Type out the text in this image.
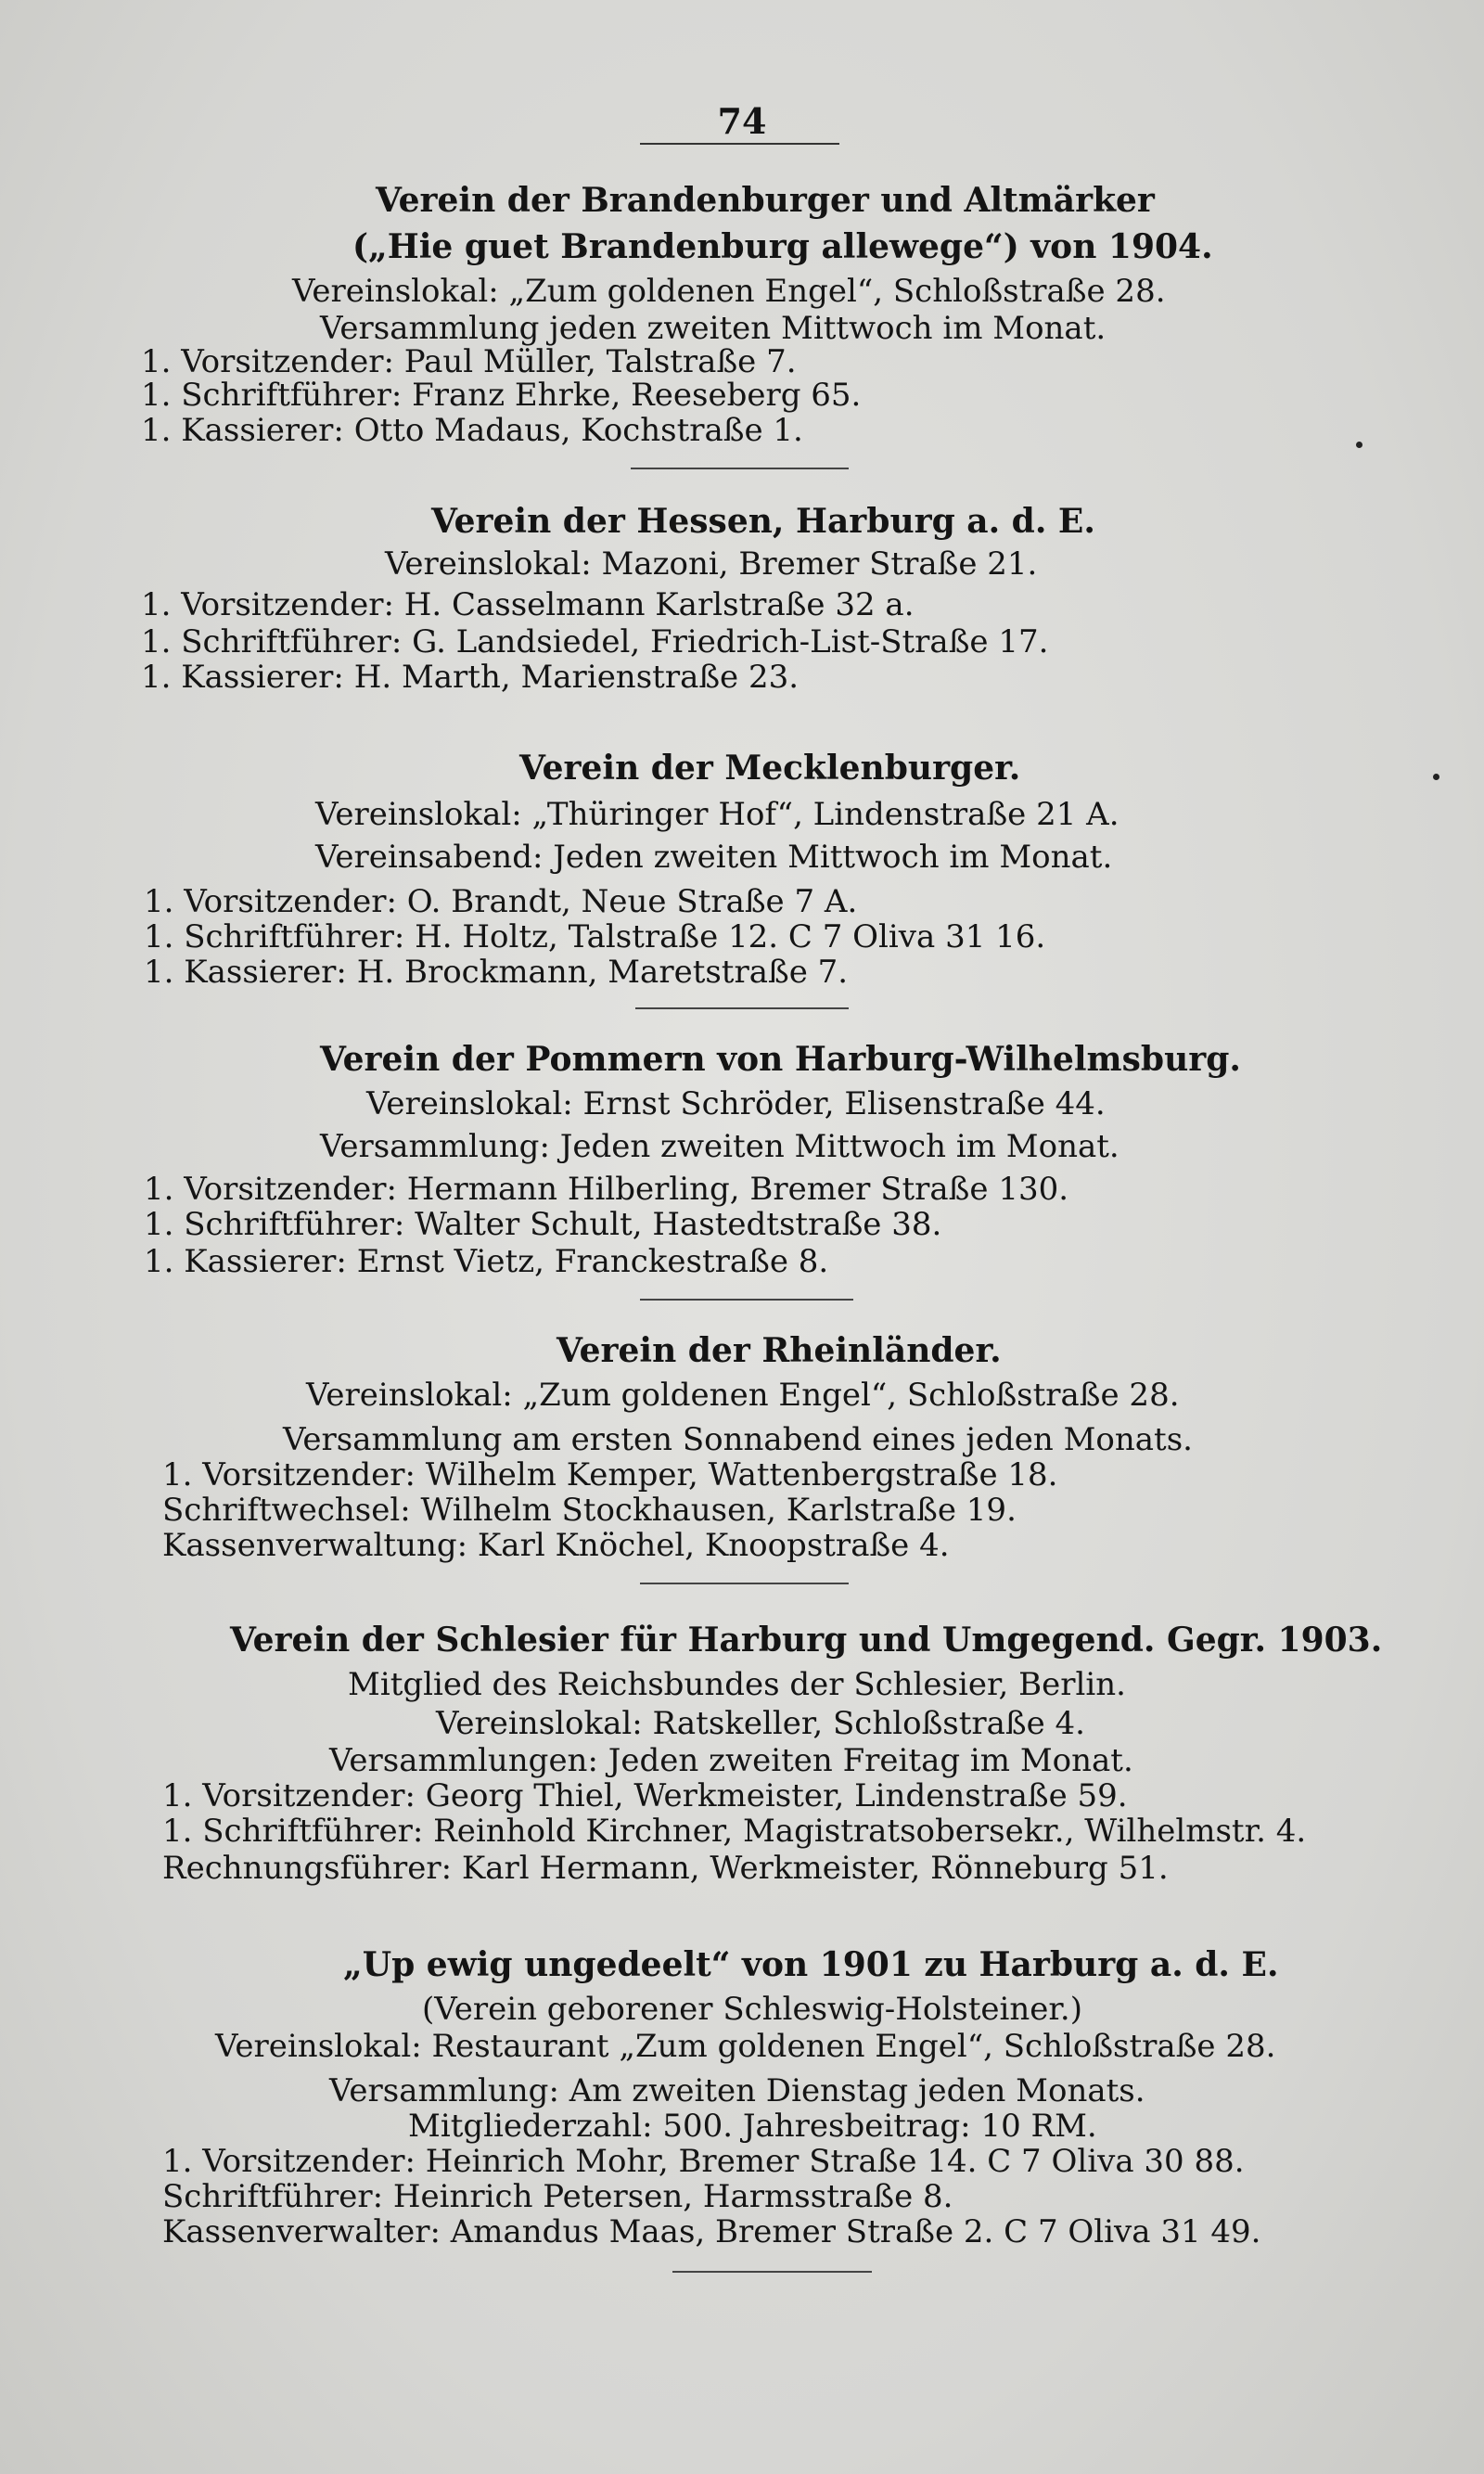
74
Verein der Brandenburger und Altmärker
(„Hie guet Brandenburg allewege“) von 1904.
Vereinslokal: „Zum goldenen Engel“, Schloßstraße 28.
Versammlung jeden zweiten Mittwoch im Monat.
1. Vorsitzender: Paul Müller, Talstraße 7.
1. Schriftführer: Franz Ehrke, Reeseberg 65.
1. Kassierer: Otto Madaus, Kochstraße 1.
Verein der Hessen, Harburg a. d. E.
Vereinslokal: Mazoni, Bremer Straße 21.
1. Vorsitzender: H. Casselmann Karlstraße 32 a.
1. Schriftführer: G. Landsiedel, Friedrich-List-Straße 17.
1. Kassierer: H. Marth, Marienstraße 23.
Verein der Mecklenburger.
Vereinslokal: „Thüringer Hof“, Lindenstraße 21 A.
Vereinsabend: Jeden zweiten Mittwoch im Monat.
1. Vorsitzender: O. Brandt, Neue Straße 7 A.
1. Schriftführer: H. Holtz, Talstraße 12. C 7 Oliva 31 16.
1. Kassierer: H. Brockmann, Maretstraße 7.
Verein der Pommern von Harburg-Wilhelmsburg.
Vereinslokal: Ernst Schröder, Elisenstraße 44.
Versammlung: Jeden zweiten Mittwoch im Monat.
1. Vorsitzender: Hermann Hilberling, Bremer Straße 130.
1. Schriftführer: Walter Schult, Hastedtstraße 38.
1. Kassierer: Ernst Vietz, Franckestraße 8.
Verein der Rheinländer.
Vereinslokal: „Zum goldenen Engel“, Schloßstraße 28.
Versammlung am ersten Sonnabend eines jeden Monats.
1. Vorsitzender: Wilhelm Kemper, Wattenbergstraße 18.
Schriftwechsel: Wilhelm Stockhausen, Karlstraße 19.
Kassenverwaltung: Karl Knöchel, Knoopstraße 4.
Verein der Schlesier für Harburg und Umgegend. Gegr. 1903.
Mitglied des Reichsbundes der Schlesier, Berlin.
Vereinslokal: Ratskeller, Schloßstraße 4.
Versammlungen: Jeden zweiten Freitag im Monat.
1. Vorsitzender: Georg Thiel, Werkmeister, Lindenstraße 59.
1. Schriftführer: Reinhold Kirchner, Magistratsobersekr., Wilhelmstr. 4.
Rechnungsführer: Karl Hermann, Werkmeister, Rönneburg 51.
„Up ewig ungedeelt“ von 1901 zu Harburg a. d. E.
(Verein geborener Schleswig-Holsteiner.)
Vereinslokal: Restaurant „Zum goldenen Engel“, Schloßstraße 28.
Versammlung: Am zweiten Dienstag jeden Monats.
Mitgliederzahl: 500. Jahresbeitrag: 10 RM.
1. Vorsitzender: Heinrich Mohr, Bremer Straße 14. C 7 Oliva 30 88.
Schriftführer: Heinrich Petersen, Harmsstraße 8.
Kassenverwalter: Amandus Maas, Bremer Straße 2. C 7 Oliva 31 49.
